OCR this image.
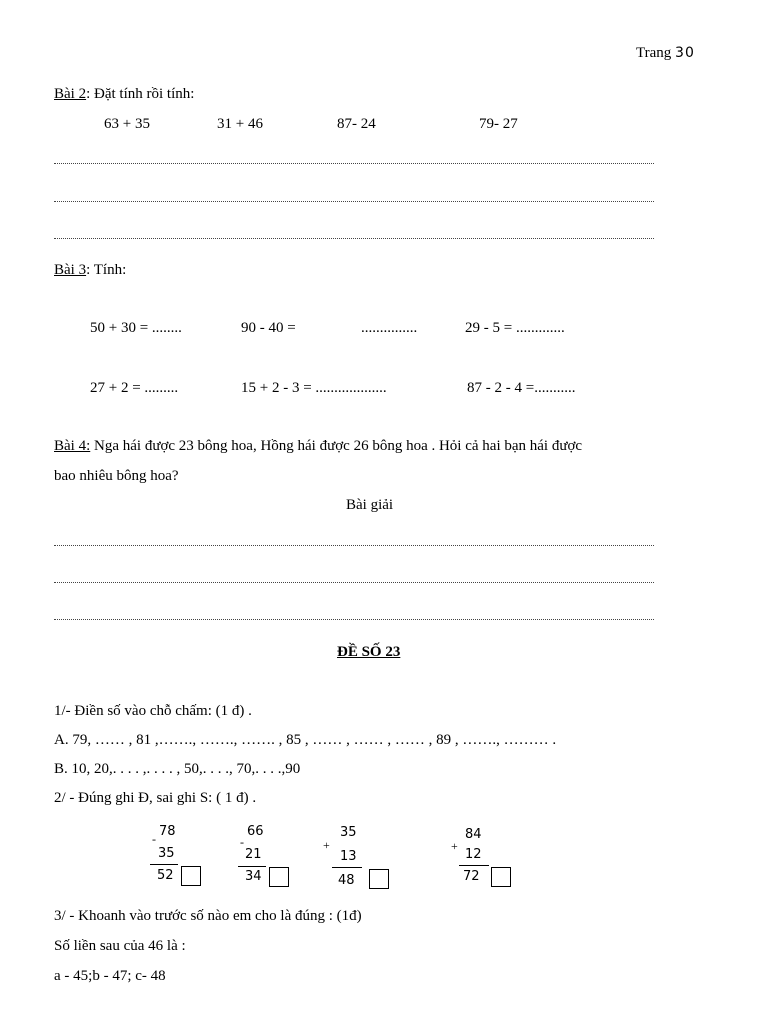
Trang 30
Bài 2: Đặt tính rồi tính:
63 + 35	31 + 46	87- 24	79- 27
Bài 3: Tính:
50 + 30 = ........	90 - 40 =	...............	29 - 5 = .............
27 + 2 = .........	15 + 2 - 3 = ...................	87 - 2 - 4 =...........
Bài 4: Nga hái được 23 bông hoa, Hồng hái được 26 bông hoa . Hỏi cả hai bạn hái được
bao nhiêu bông hoa?
Bài giải
ĐỀ SỐ 23
1/- Điền số vào chỗ chấm: (1 đ) .
A. 79, …… , 81 ,……., ……., ……. , 85 , …… , …… , …… , 89 , ……., ……… .
B. 10, 20,. . . . ,. . . . , 50,. . . ., 70,. . . .,90
2/ - Đúng ghi Đ, sai ghi S: ( 1 đ) .
- 78
35
52
-
66
21
34
+
35
13
48
+
84
12
72
3/ - Khoanh vào trước số nào em cho là đúng : (1đ)
Số liền sau của 46 là :
a - 45;b - 47; c- 48
